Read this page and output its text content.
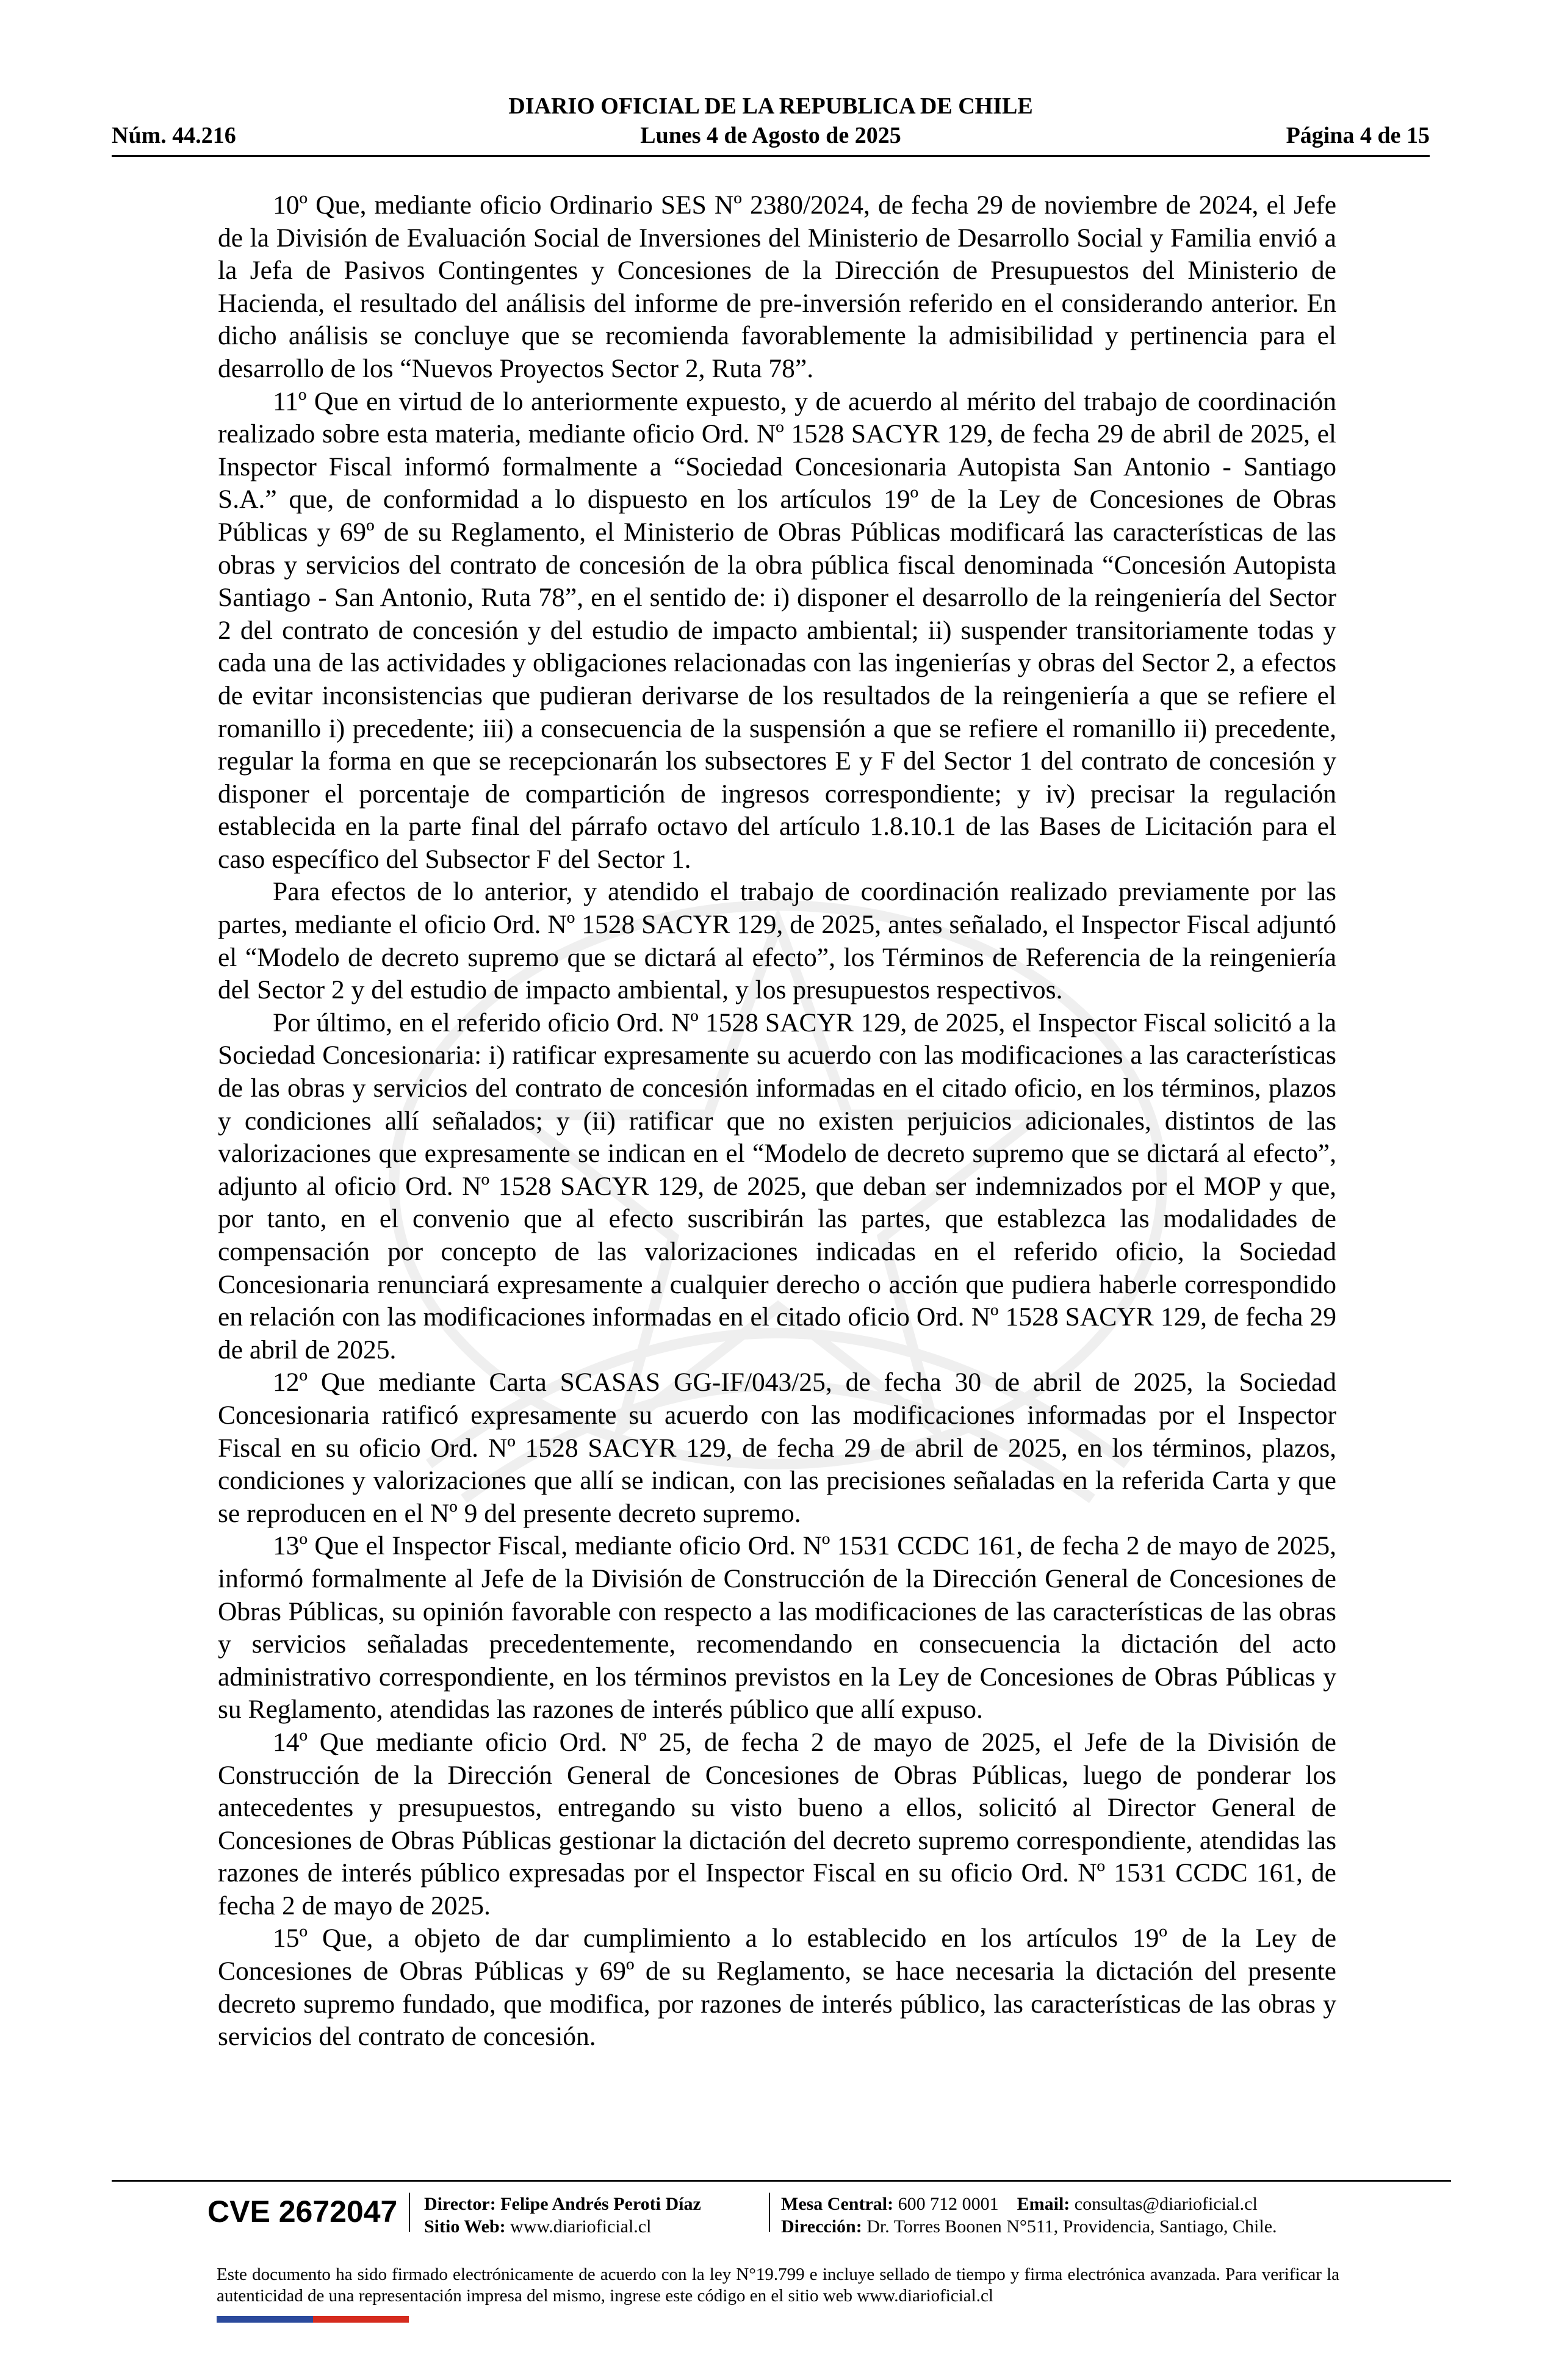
DIARIO OFICIAL DE LA REPUBLICA DE CHILE
Núm. 44.216	Lunes 4 de Agosto de 2025	Página 4 de 15

10º Que, mediante oficio Ordinario SES Nº 2380/2024, de fecha 29 de noviembre de 2024, el Jefe de la División de Evaluación Social de Inversiones del Ministerio de Desarrollo Social y Familia envió a la Jefa de Pasivos Contingentes y Concesiones de la Dirección de Presupuestos del Ministerio de Hacienda, el resultado del análisis del informe de pre-inversión referido en el considerando anterior. En dicho análisis se concluye que se recomienda favorablemente la admisibilidad y pertinencia para el desarrollo de los “Nuevos Proyectos Sector 2, Ruta 78”.

11º Que en virtud de lo anteriormente expuesto, y de acuerdo al mérito del trabajo de coordinación realizado sobre esta materia, mediante oficio Ord. Nº 1528 SACYR 129, de fecha 29 de abril de 2025, el Inspector Fiscal informó formalmente a “Sociedad Concesionaria Autopista San Antonio - Santiago S.A.” que, de conformidad a lo dispuesto en los artículos 19º de la Ley de Concesiones de Obras Públicas y 69º de su Reglamento, el Ministerio de Obras Públicas modificará las características de las obras y servicios del contrato de concesión de la obra pública fiscal denominada “Concesión Autopista Santiago - San Antonio, Ruta 78”, en el sentido de: i) disponer el desarrollo de la reingeniería del Sector 2 del contrato de concesión y del estudio de impacto ambiental; ii) suspender transitoriamente todas y cada una de las actividades y obligaciones relacionadas con las ingenierías y obras del Sector 2, a efectos de evitar inconsistencias que pudieran derivarse de los resultados de la reingeniería a que se refiere el romanillo i) precedente; iii) a consecuencia de la suspensión a que se refiere el romanillo ii) precedente, regular la forma en que se recepcionarán los subsectores E y F del Sector 1 del contrato de concesión y disponer el porcentaje de compartición de ingresos correspondiente; y iv) precisar la regulación establecida en la parte final del párrafo octavo del artículo 1.8.10.1 de las Bases de Licitación para el caso específico del Subsector F del Sector 1.

Para efectos de lo anterior, y atendido el trabajo de coordinación realizado previamente por las partes, mediante el oficio Ord. Nº 1528 SACYR 129, de 2025, antes señalado, el Inspector Fiscal adjuntó el “Modelo de decreto supremo que se dictará al efecto”, los Términos de Referencia de la reingeniería del Sector 2 y del estudio de impacto ambiental, y los presupuestos respectivos.

Por último, en el referido oficio Ord. Nº 1528 SACYR 129, de 2025, el Inspector Fiscal solicitó a la Sociedad Concesionaria: i) ratificar expresamente su acuerdo con las modificaciones a las características de las obras y servicios del contrato de concesión informadas en el citado oficio, en los términos, plazos y condiciones allí señalados; y (ii) ratificar que no existen perjuicios adicionales, distintos de las valorizaciones que expresamente se indican en el “Modelo de decreto supremo que se dictará al efecto”, adjunto al oficio Ord. Nº 1528 SACYR 129, de 2025, que deban ser indemnizados por el MOP y que, por tanto, en el convenio que al efecto suscribirán las partes, que establezca las modalidades de compensación por concepto de las valorizaciones indicadas en el referido oficio, la Sociedad Concesionaria renunciará expresamente a cualquier derecho o acción que pudiera haberle correspondido en relación con las modificaciones informadas en el citado oficio Ord. Nº 1528 SACYR 129, de fecha 29 de abril de 2025.

12º Que mediante Carta SCASAS GG-IF/043/25, de fecha 30 de abril de 2025, la Sociedad Concesionaria ratificó expresamente su acuerdo con las modificaciones informadas por el Inspector Fiscal en su oficio Ord. Nº 1528 SACYR 129, de fecha 29 de abril de 2025, en los términos, plazos, condiciones y valorizaciones que allí se indican, con las precisiones señaladas en la referida Carta y que se reproducen en el Nº 9 del presente decreto supremo.

13º Que el Inspector Fiscal, mediante oficio Ord. Nº 1531 CCDC 161, de fecha 2 de mayo de 2025, informó formalmente al Jefe de la División de Construcción de la Dirección General de Concesiones de Obras Públicas, su opinión favorable con respecto a las modificaciones de las características de las obras y servicios señaladas precedentemente, recomendando en consecuencia la dictación del acto administrativo correspondiente, en los términos previstos en la Ley de Concesiones de Obras Públicas y su Reglamento, atendidas las razones de interés público que allí expuso.

14º Que mediante oficio Ord. Nº 25, de fecha 2 de mayo de 2025, el Jefe de la División de Construcción de la Dirección General de Concesiones de Obras Públicas, luego de ponderar los antecedentes y presupuestos, entregando su visto bueno a ellos, solicitó al Director General de Concesiones de Obras Públicas gestionar la dictación del decreto supremo correspondiente, atendidas las razones de interés público expresadas por el Inspector Fiscal en su oficio Ord. Nº 1531 CCDC 161, de fecha 2 de mayo de 2025.

15º Que, a objeto de dar cumplimiento a lo establecido en los artículos 19º de la Ley de Concesiones de Obras Públicas y 69º de su Reglamento, se hace necesaria la dictación del presente decreto supremo fundado, que modifica, por razones de interés público, las características de las obras y servicios del contrato de concesión.

CVE 2672047 Director: Felipe Andrés Peroti Díaz
Sitio Web: www.diarioficial.cl
Mesa Central: 600 712 0001 Email: consultas@diarioficial.cl
Dirección: Dr. Torres Boonen N°511, Providencia, Santiago, Chile.
Este documento ha sido firmado electrónicamente de acuerdo con la ley N°19.799 e incluye sellado de tiempo y firma electrónica avanzada. Para verificar la autenticidad de una representación impresa del mismo, ingrese este código en el sitio web www.diarioficial.cl
